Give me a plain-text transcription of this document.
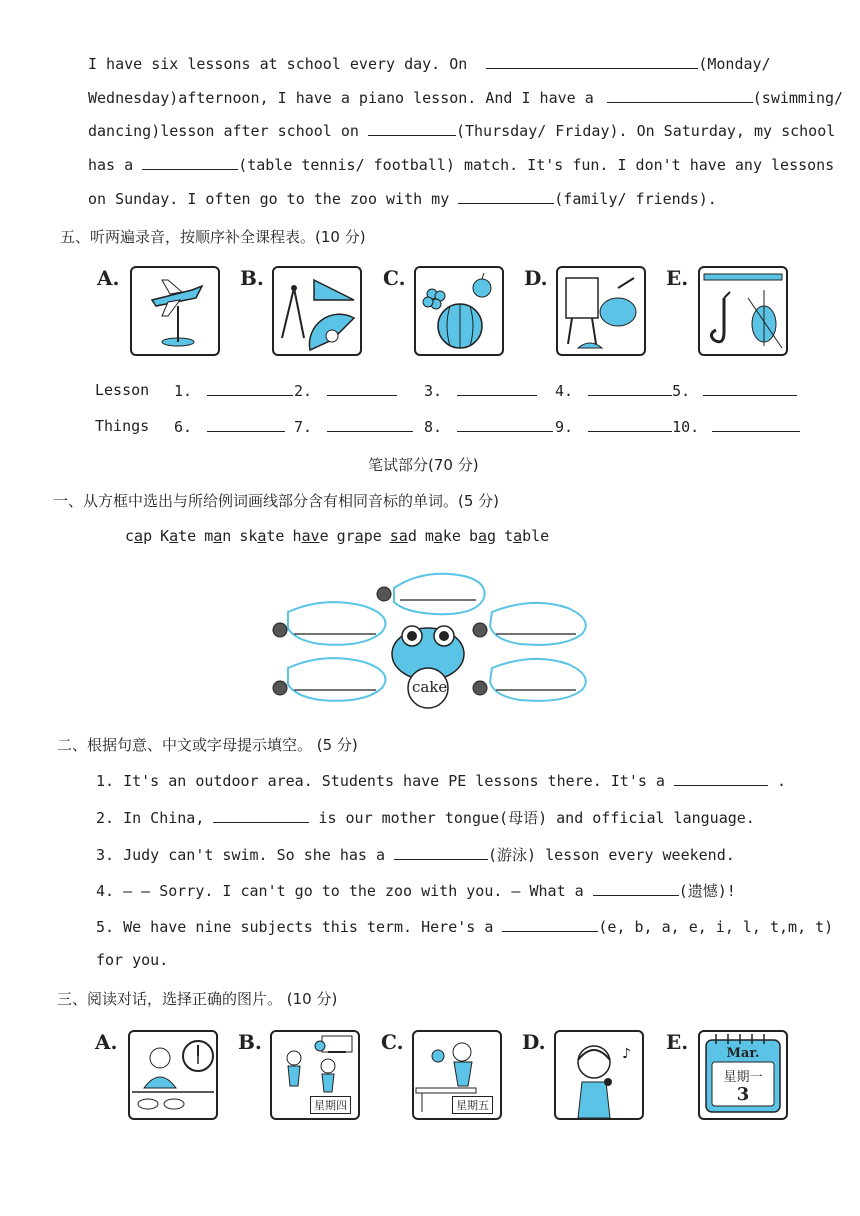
I have six lessons at school every day. On	(Monday/
Wednesday)afternoon, I have a piano lesson. And I have a	(swimming/
dancing)lesson after school on	(Thursday/ Friday). On Saturday, my school
has a	(table tennis/ football) match. It's fun. I don't have any lessons
on Sunday. I often go to the zoo with my	(family/ friends).
五、听两遍录音，按顺序补全课程表。(10 分)
A.	B.	C.	D.	E.
Lesson 1.	2.	3.	4.	5.
Things 6.	7.	8.	9.	10.
笔试部分(70 分)
一、从方框中选出与所给例词画线部分含有相同音标的单词。(5 分)
cap Kate man skate have grape sad make bag table
cake
二、根据句意、中文或字母提示填空。 (5 分)
1. It's an outdoor area. Students have PE lessons there. It's a	.
2. In China,	is our mother tongue(母语) and official language.
3. Judy can't swim. So she has a	(游泳) lesson every weekend.
4. — — Sorry. I can't go to the zoo with you. — What a	(遗憾)!
5. We have nine subjects this term. Here's a	(e, b, a, e, i, l, t,m, t)
for you.
三、阅读对话，选择正确的图片。 (10 分)
A.	B.
星期四
C.
星期五
D.	♪ E.	Mar.
星期一
3
